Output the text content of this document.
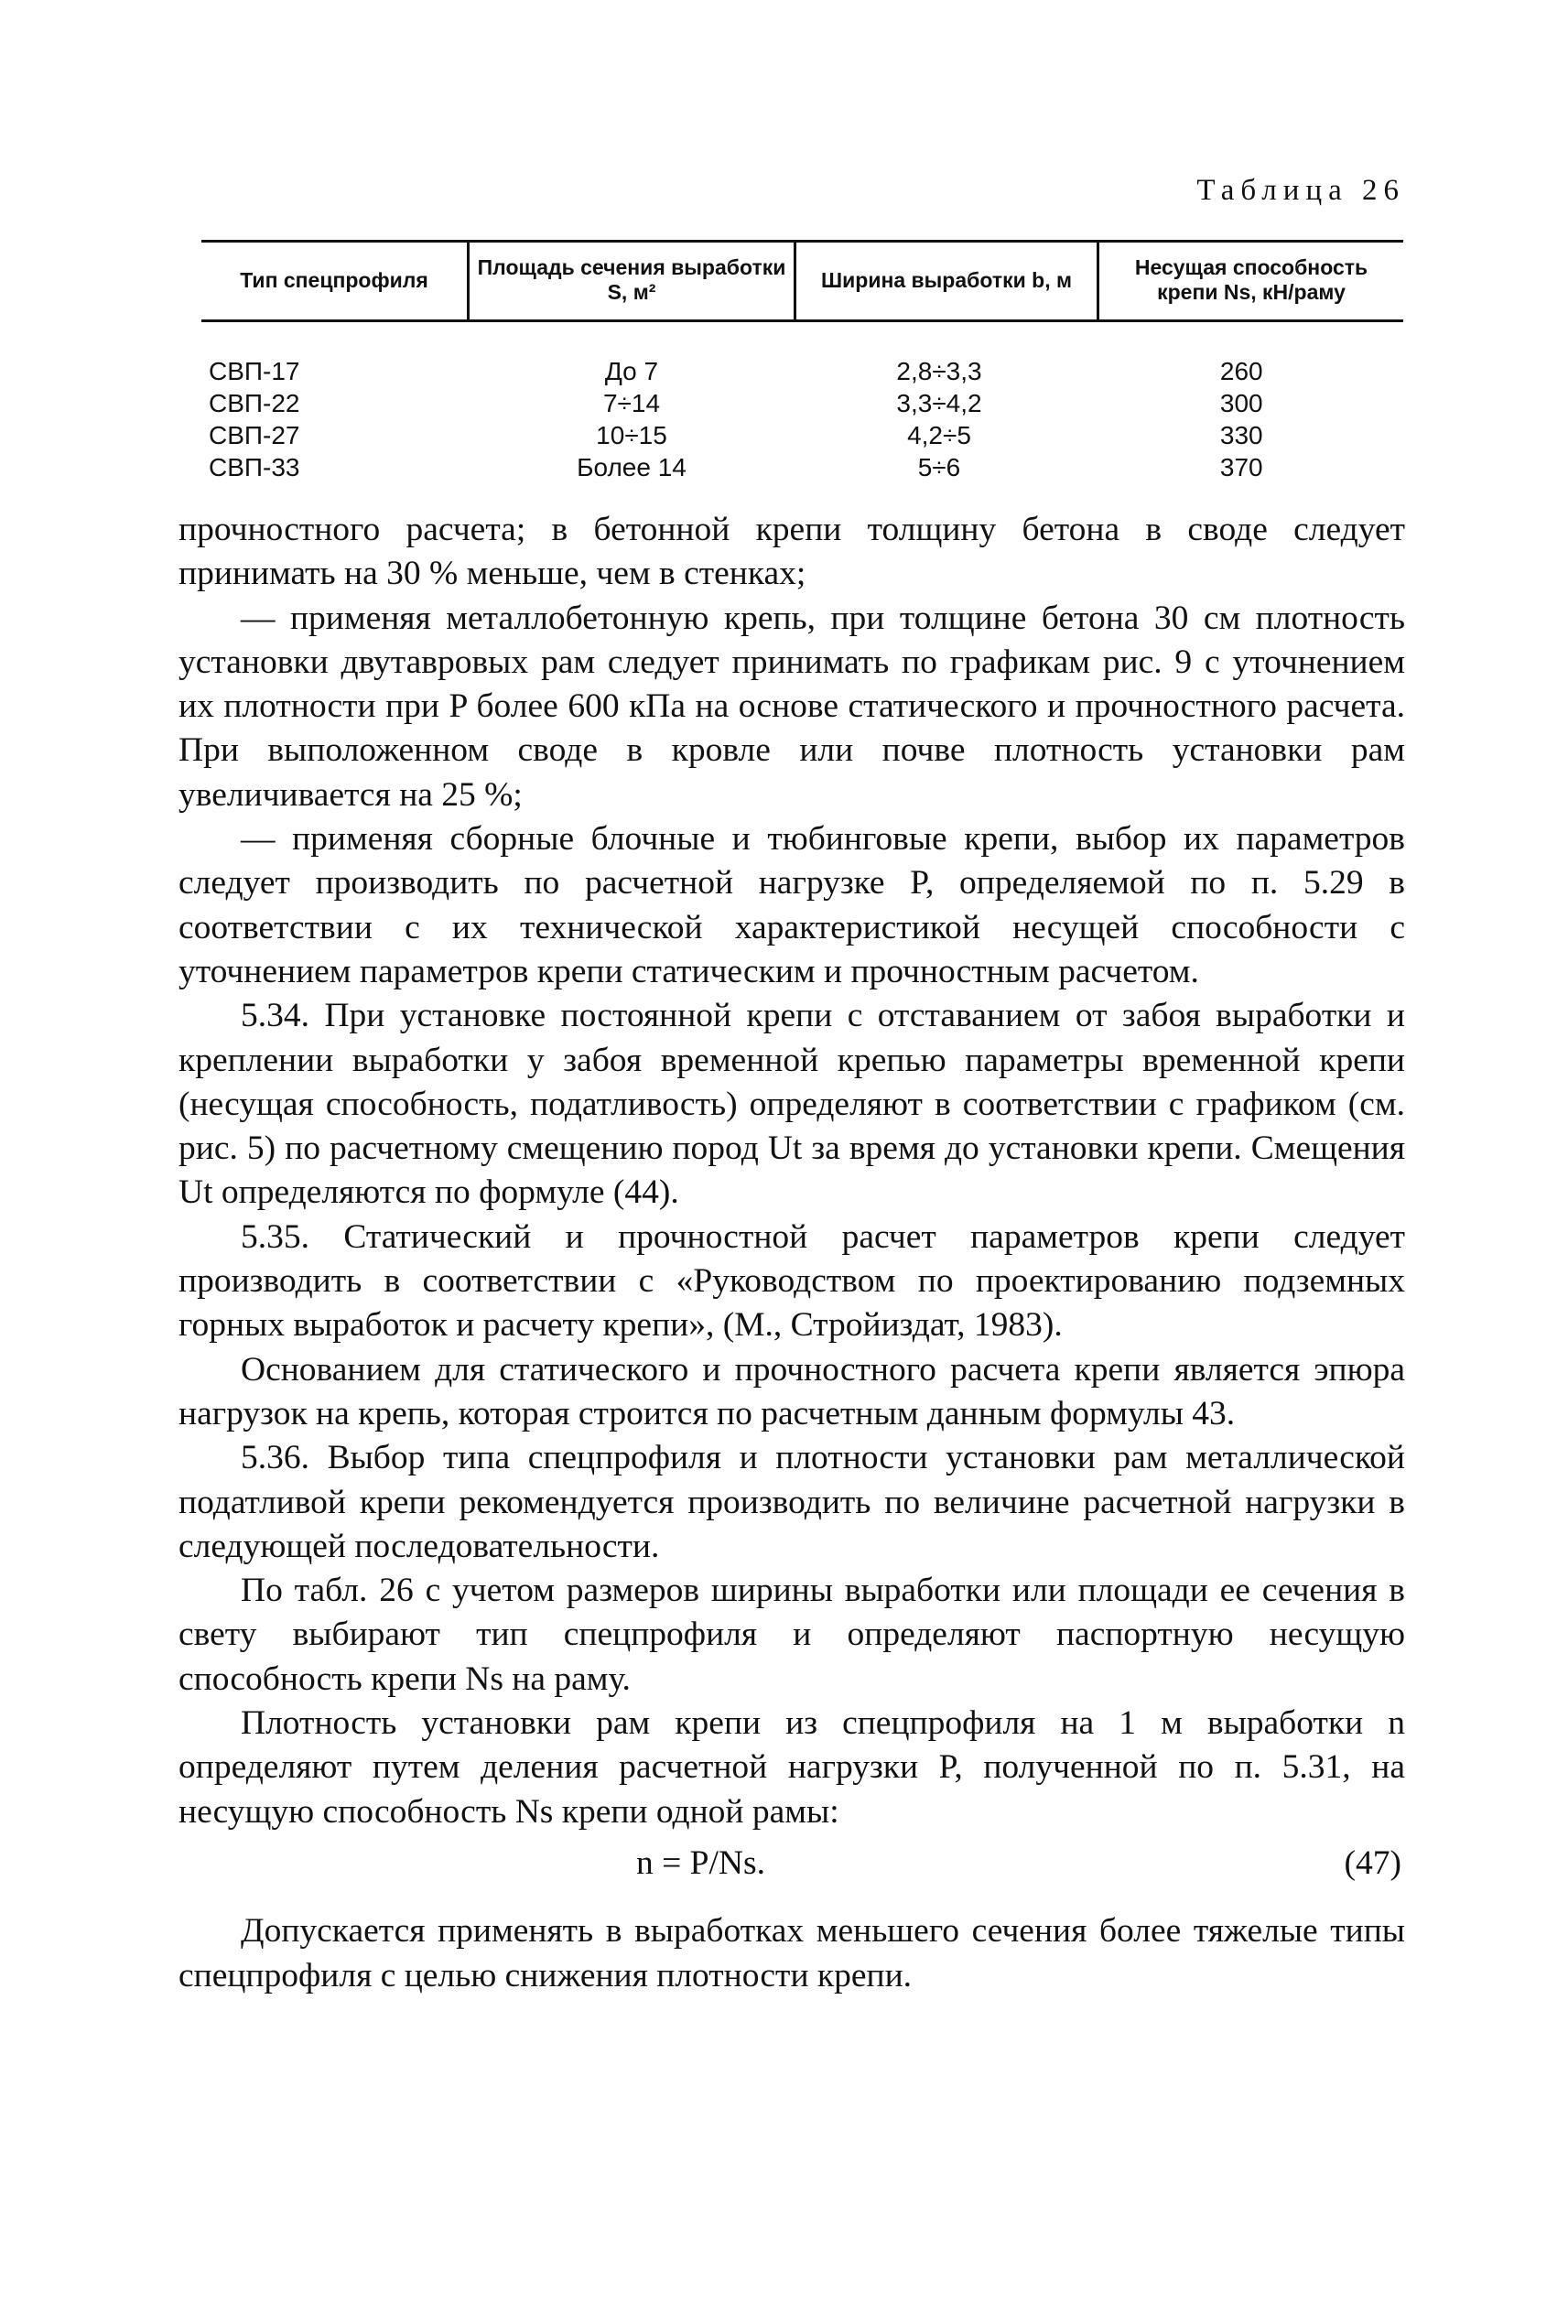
Таблица 26
Тип спецпрофиля	Площадь сечения выработки S, м²	Ширина выработки b, м	Несущая способность крепи Ns, кН/раму
СВП-17	До 7	2,8÷3,3	260
СВП-22	7÷14	3,3÷4,2	300
СВП-27	10÷15	4,2÷5	330
СВП-33	Более 14	5÷6	370

прочностного расчета; в бетонной крепи толщину бетона в своде следует принимать на 30 % меньше, чем в стенках;

— применяя металлобетонную крепь, при толщине бетона 30 см плотность установки двутавровых рам следует принимать по графикам рис. 9 с уточнением их плотности при P более 600 кПа на основе статического и прочностного расчета. При выположенном своде в кровле или почве плотность установки рам увеличивается на 25 %;

— применяя сборные блочные и тюбинговые крепи, выбор их параметров следует производить по расчетной нагрузке P, определяемой по п. 5.29 в соответствии с их технической характеристикой несущей способности с уточнением параметров крепи статическим и прочностным расчетом.

5.34. При установке постоянной крепи с отставанием от забоя выработки и креплении выработки у забоя временной крепью параметры временной крепи (несущая способность, податливость) определяют в соответствии с графиком (см. рис. 5) по расчетному смещению пород Ut за время до установки крепи. Смещения Ut определяются по формуле (44).

5.35. Статический и прочностной расчет параметров крепи следует производить в соответствии с «Руководством по проектированию подземных горных выработок и расчету крепи», (М., Стройиздат, 1983).

Основанием для статического и прочностного расчета крепи является эпюра нагрузок на крепь, которая строится по расчетным данным формулы 43.

5.36. Выбор типа спецпрофиля и плотности установки рам металлической податливой крепи рекомендуется производить по величине расчетной нагрузки в следующей последовательности.

По табл. 26 с учетом размеров ширины выработки или площади ее сечения в свету выбирают тип спецпрофиля и определяют паспортную несущую способность крепи Ns на раму.

Плотность установки рам крепи из спецпрофиля на 1 м выработки n определяют путем деления расчетной нагрузки P, полученной по п. 5.31, на несущую способность Ns крепи одной рамы:

n = P/Ns.	(47)

Допускается применять в выработках меньшего сечения более тяжелые типы спецпрофиля с целью снижения плотности крепи.
